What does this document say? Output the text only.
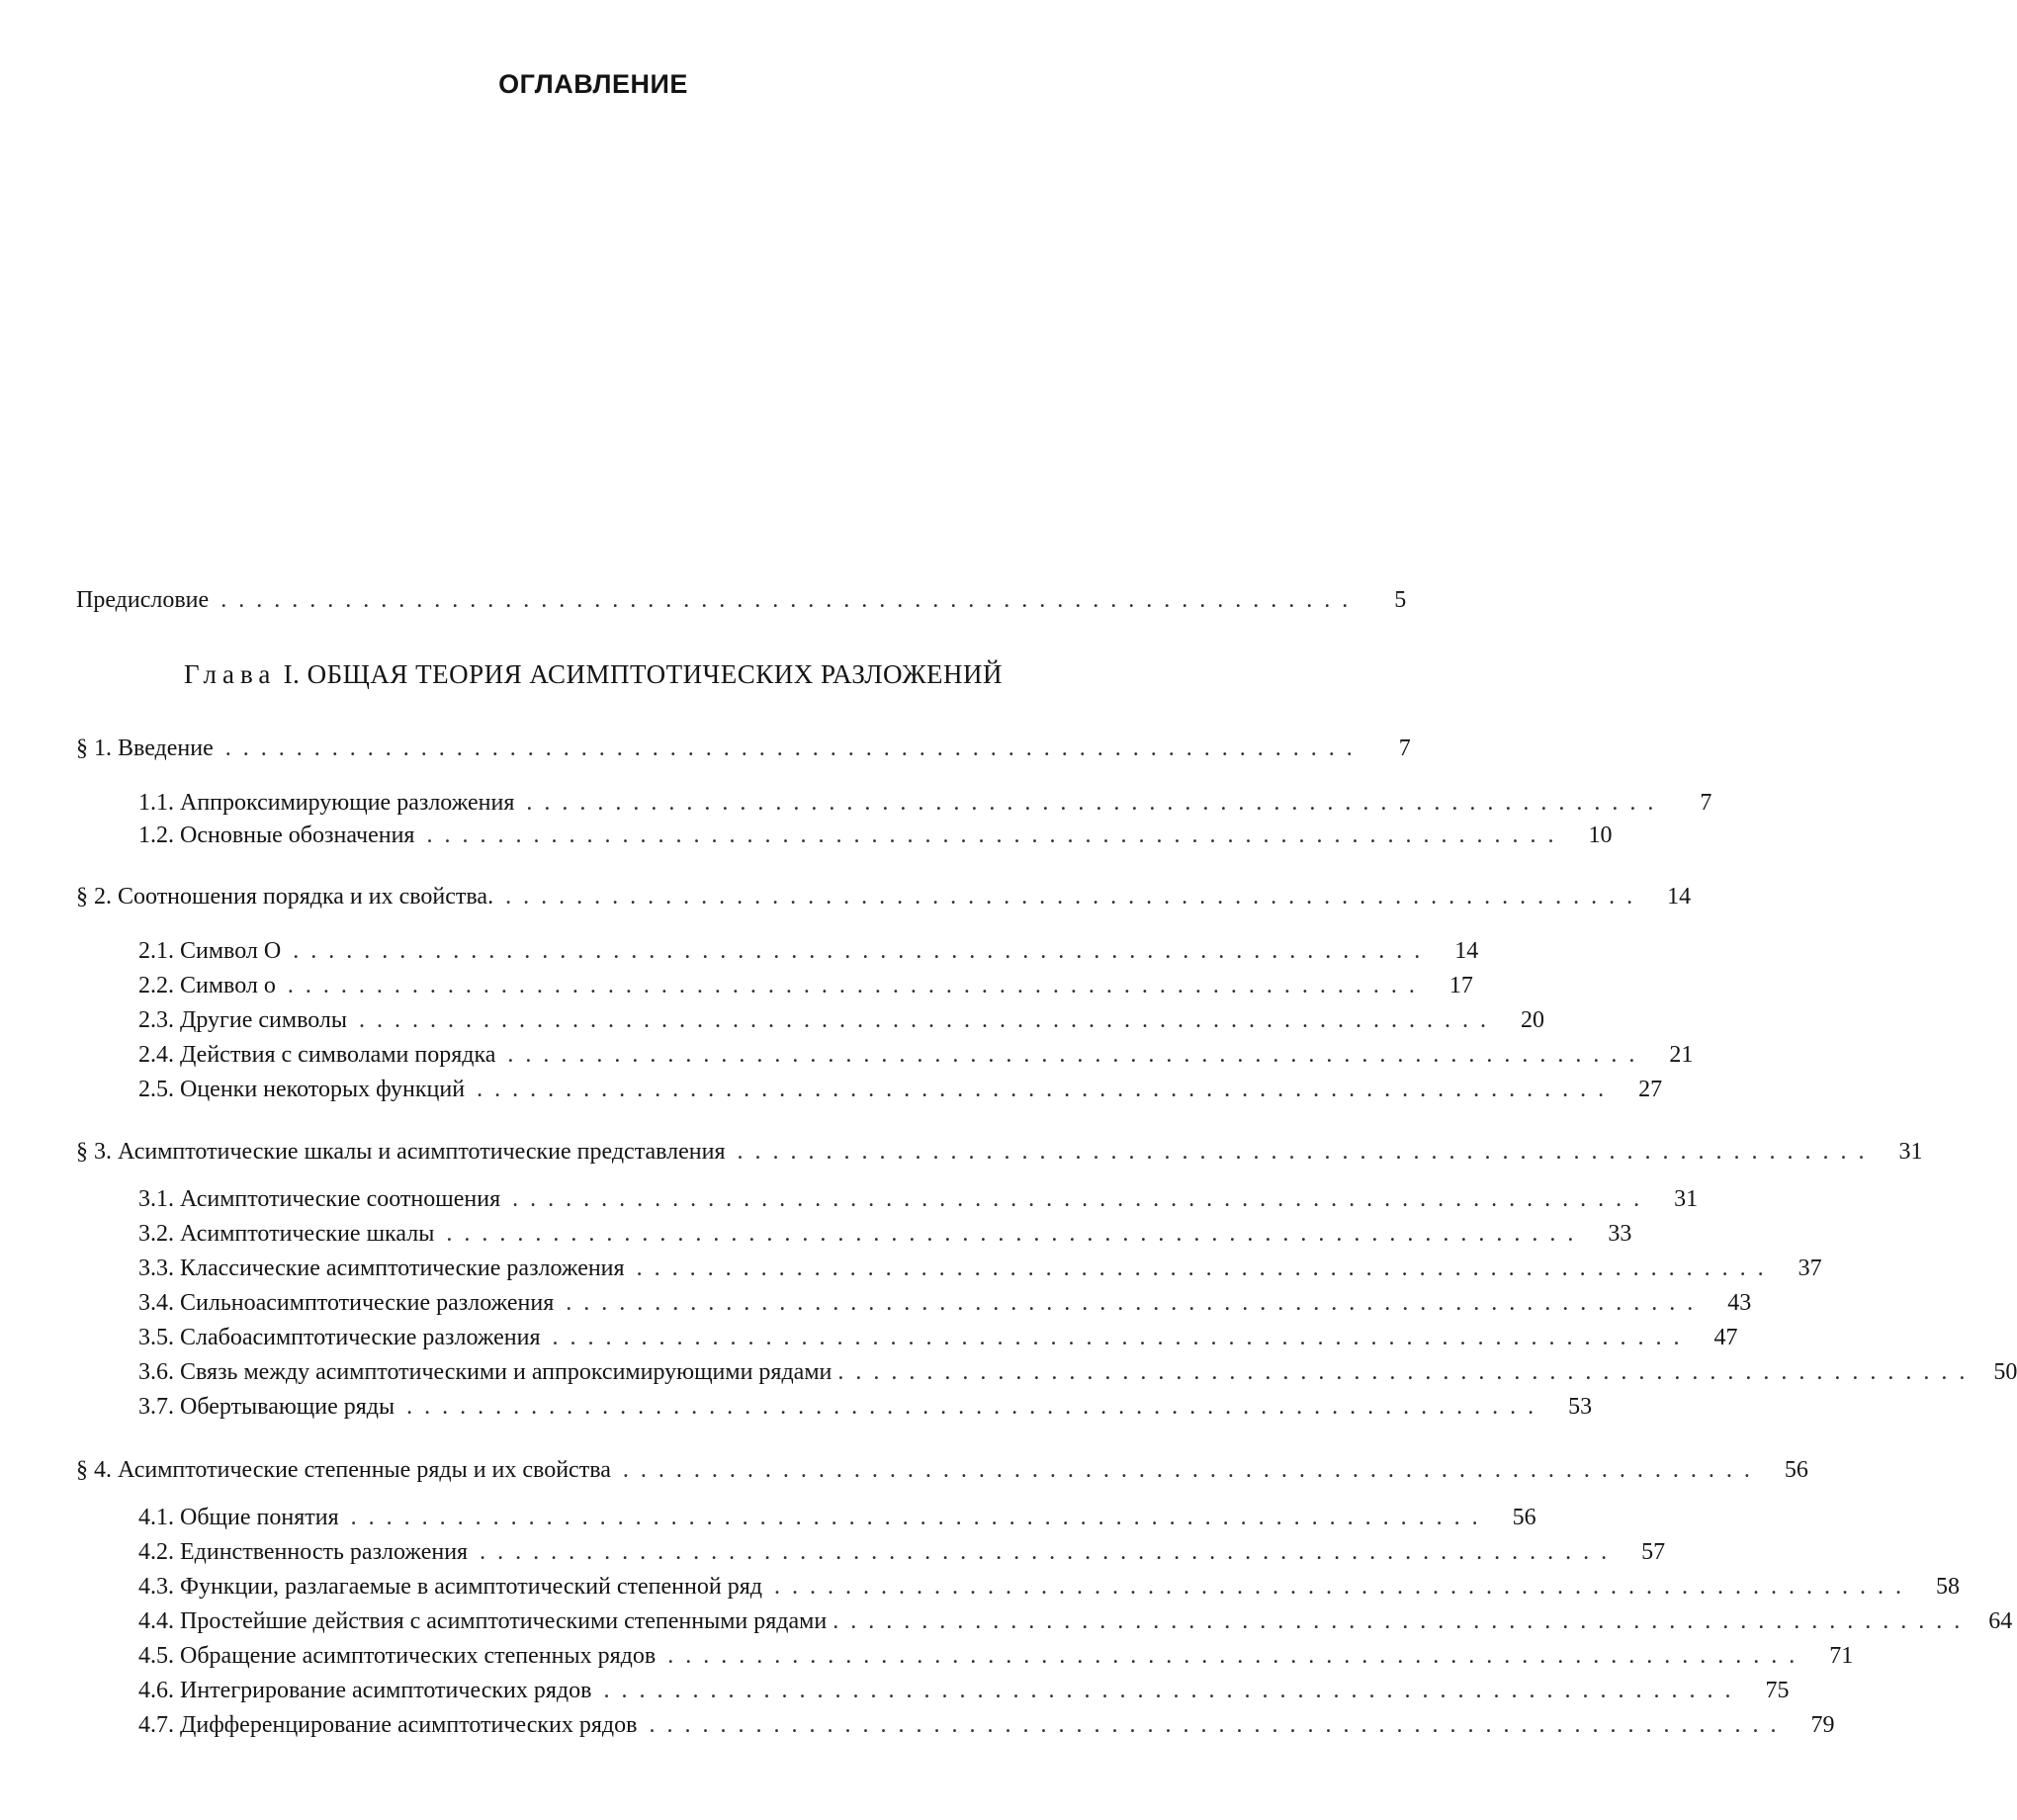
ОГЛАВЛЕНИЕ
Предисловие . . .	5
Глава I. ОБЩАЯ ТЕОРИЯ АСИМПТОТИЧЕСКИХ РАЗЛОЖЕНИЙ
§ 1. Введение . . .	7
1.1. Аппроксимирующие разложения . . .	7
1.2. Основные обозначения . . .	10
§ 2. Соотношения порядка и их свойства. . . .	14
2.1. Символ O . . .	14
2.2. Символ o . . .	17
2.3. Другие символы . . .	20
2.4. Действия с символами порядка . . .	21
2.5. Оценки некоторых функций . . .	27
§ 3. Асимптотические шкалы и асимптотические представления . . .	31
3.1. Асимптотические соотношения . . .	31
3.2. Асимптотические шкалы . . .	33
3.3. Классические асимптотические разложения . . .	37
3.4. Сильноасимптотические разложения . . .	43
3.5. Слабоасимптотические разложения . . .	47
3.6. Связь между асимптотическими и аппроксимирующими рядами . . .	50
3.7. Обертывающие ряды . . .	53
§ 4. Асимптотические степенные ряды и их свойства . . .	56
4.1. Общие понятия . . .	56
4.2. Единственность разложения . . .	57
4.3. Функции, разлагаемые в асимптотический степенной ряд . . .	58
4.4. Простейшие действия с асимптотическими степенными рядами . . .	64
4.5. Обращение асимптотических степенных рядов . . .	71
4.6. Интегрирование асимптотических рядов . . .	75
4.7. Дифференцирование асимптотических рядов . . .	79
